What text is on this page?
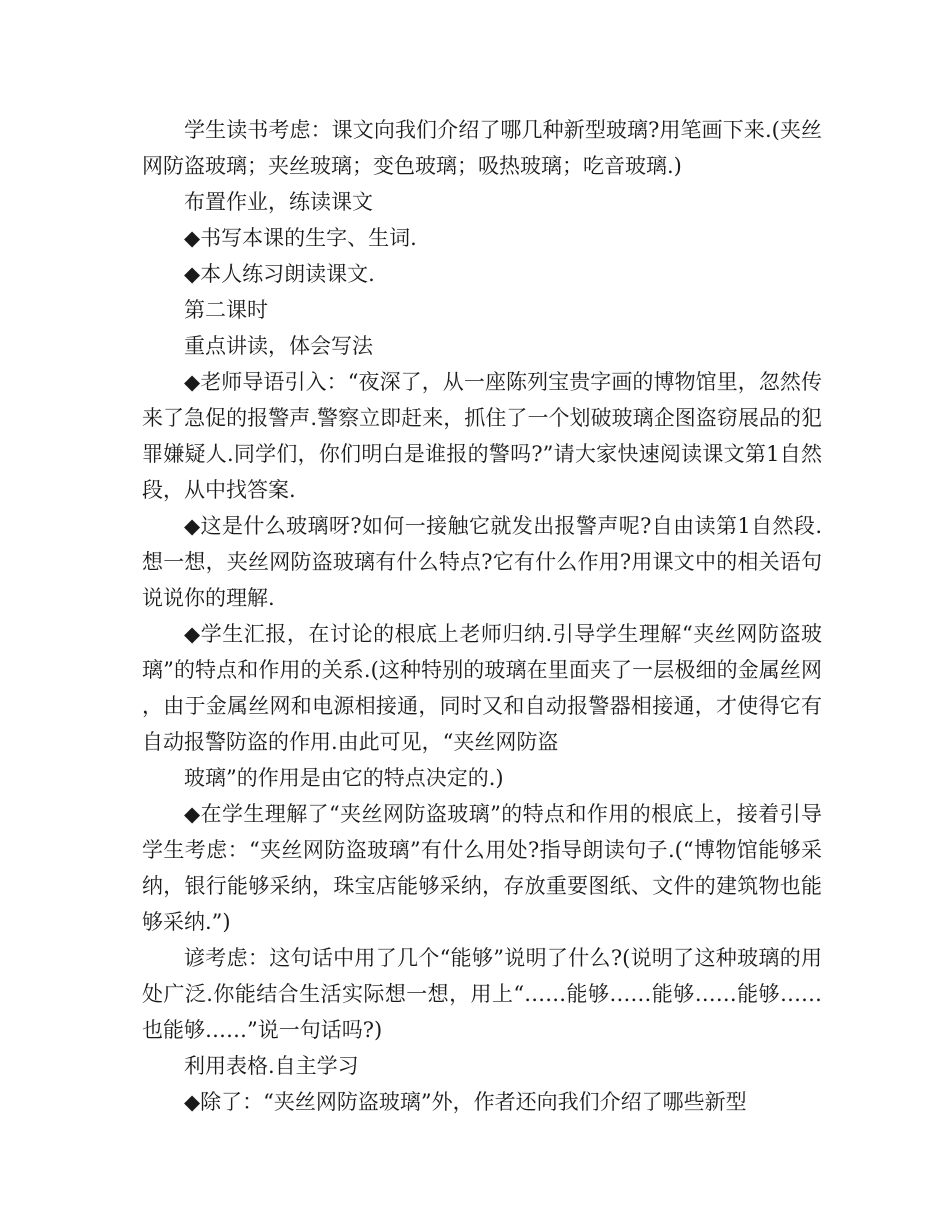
学生读书考虑：课文向我们介绍了哪几种新型玻璃?用笔画下来.(夹丝网防盗玻璃；夹丝玻璃；变色玻璃；吸热玻璃；吃音玻璃.)

布置作业，练读课文

◆书写本课的生字、生词.

◆本人练习朗读课文.

第二课时

重点讲读，体会写法

◆老师导语引入：“夜深了，从一座陈列宝贵字画的博物馆里，忽然传来了急促的报警声.警察立即赶来，抓住了一个划破玻璃企图盗窃展品的犯罪嫌疑人.同学们，你们明白是谁报的警吗?”请大家快速阅读课文第1自然段，从中找答案.

◆这是什么玻璃呀?如何一接触它就发出报警声呢?自由读第1自然段.想一想，夹丝网防盗玻璃有什么特点?它有什么作用?用课文中的相关语句说说你的理解.

◆学生汇报，在讨论的根底上老师归纳.引导学生理解“夹丝网防盗玻璃”的特点和作用的关系.(这种特别的玻璃在里面夹了一层极细的金属丝网，由于金属丝网和电源相接通，同时又和自动报警器相接通，才使得它有自动报警防盗的作用.由此可见，“夹丝网防盗

玻璃”的作用是由它的特点决定的.)

◆在学生理解了“夹丝网防盗玻璃”的特点和作用的根底上，接着引导学生考虑：“夹丝网防盗玻璃”有什么用处?指导朗读句子.(“博物馆能够采纳，银行能够采纳，珠宝店能够采纳，存放重要图纸、文件的建筑物也能够采纳.”)

谚考虑：这句话中用了几个“能够”说明了什么?(说明了这种玻璃的用处广泛.你能结合生活实际想一想，用上“……能够……能够……能够……也能够……”说一句话吗?)

利用表格.自主学习

◆除了：“夹丝网防盗玻璃”外，作者还向我们介绍了哪些新型
